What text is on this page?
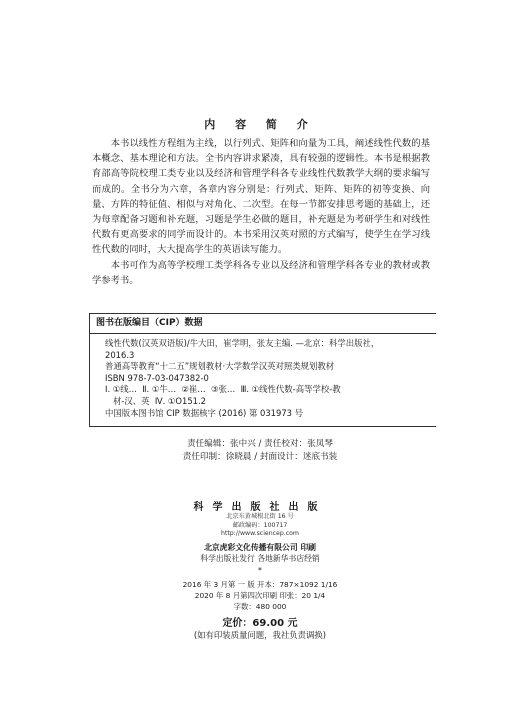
内 容 简 介

本书以线性方程组为主线，以行列式、矩阵和向量为工具，阐述线性代数的基本概念、基本理论和方法。全书内容讲求紧凑，具有较强的逻辑性。本书是根据教育部高等院校理工类专业以及经济和管理学科各专业线性代数教学大纲的要求编写而成的。全书分为六章，各章内容分别是：行列式、矩阵、矩阵的初等变换、向量、方阵的特征值、相似与对角化、二次型。在每一节都安排思考题的基础上，还为每章配备习题和补充题，习题是学生必做的题目，补充题是为考研学生和对线性代数有更高要求的同学而设计的。本书采用汉英对照的方式编写，使学生在学习线性代数的同时，大大提高学生的英语读写能力。

本书可作为高等学校理工类学科各专业以及经济和管理学科各专业的教材或教学参考书。

图书在版编目（CIP）数据
线性代数(汉英双语版)/牛大田，崔学明，张友主编. —北京：科学出版社，
2016.3
普通高等教育“十二五”规划教材·大学数学汉英对照类规划教材
ISBN 978-7-03-047382-0
Ⅰ. ①线…  Ⅱ. ①牛…  ②崔…  ③张…  Ⅲ. ①线性代数-高等学校-教
材-汉、英  Ⅳ. ①O151.2
中国版本图书馆 CIP 数据核字 (2016) 第 031973 号
责任编辑：张中兴 / 责任校对：张凤琴
责任印制：徐晓晨 / 封面设计：迷底书装
科学出版社出版
北京东黄城根北街 16 号
邮政编码：100717
http://www.sciencep.com
北京虎彩文化传播有限公司 印刷
科学出版社发行 各地新华书店经销
*
2016 年 3 月第 一 版 开本：787×1092 1/16
2020 年 8 月第四次印刷 印张：20 1/4
字数：480 000
定价：69.00 元
(如有印装质量问题，我社负责调换)
